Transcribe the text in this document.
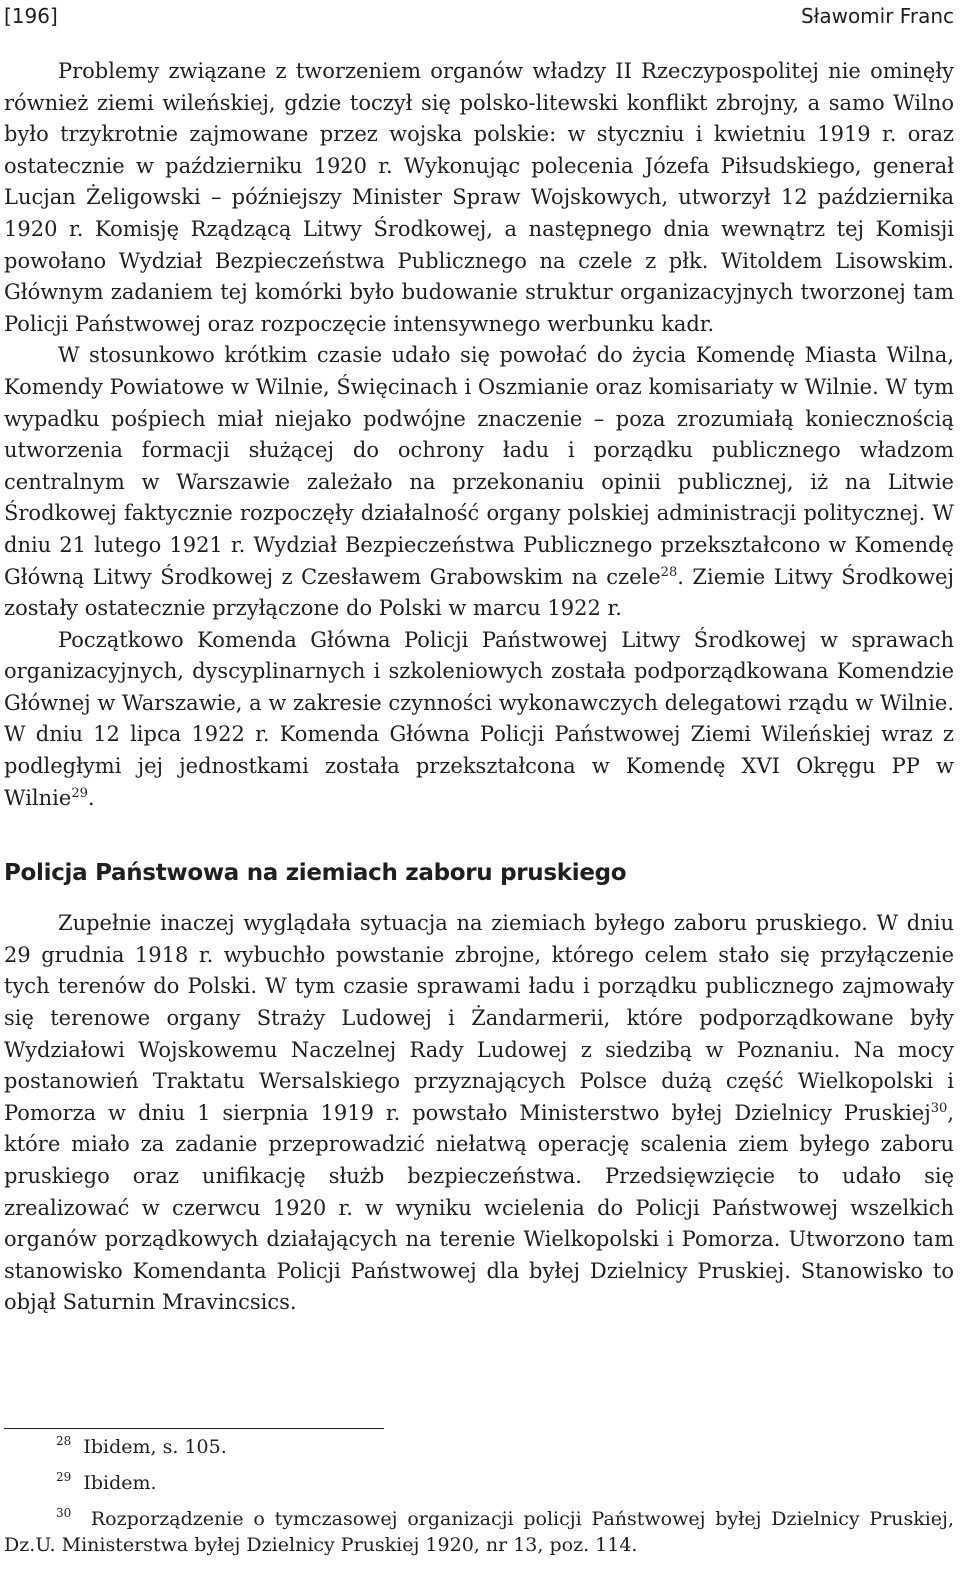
[196]	Sławomir Franc

Problemy związane z tworzeniem organów władzy II Rzeczypospolitej nie ominęły również ziemi wileńskiej, gdzie toczył się polsko-litewski konflikt zbrojny, a samo Wilno było trzykrotnie zajmowane przez wojska polskie: w styczniu i kwietniu 1919 r. oraz ostatecznie w październiku 1920 r. Wykonując polecenia Józefa Piłsudskiego, generał Lucjan Żeligowski – późniejszy Minister Spraw Wojskowych, utworzył 12 października 1920 r. Komisję Rządzącą Litwy Środkowej, a następnego dnia wewnątrz tej Komisji powołano Wydział Bezpieczeństwa Publicznego na czele z płk. Witoldem Lisowskim. Głównym zadaniem tej komórki było budowanie struktur organizacyjnych tworzonej tam Policji Państwowej oraz rozpoczęcie intensywnego werbunku kadr.

W stosunkowo krótkim czasie udało się powołać do życia Komendę Miasta Wilna, Komendy Powiatowe w Wilnie, Święcinach i Oszmianie oraz komisariaty w Wilnie. W tym wypadku pośpiech miał niejako podwójne znaczenie – poza zrozumiałą koniecznością utworzenia formacji służącej do ochrony ładu i porządku publicznego władzom centralnym w Warszawie zależało na przekonaniu opinii publicznej, iż na Litwie Środkowej faktycznie rozpoczęły działalność organy polskiej administracji politycznej. W dniu 21 lutego 1921 r. Wydział Bezpieczeństwa Publicznego przekształcono w Komendę Główną Litwy Środkowej z Czesławem Grabowskim na czele$^{28}$. Ziemie Litwy Środkowej zostały ostatecznie przyłączone do Polski w marcu 1922 r.

Początkowo Komenda Główna Policji Państwowej Litwy Środkowej w sprawach organizacyjnych, dyscyplinarnych i szkoleniowych została podporządkowana Komendzie Głównej w Warszawie, a w zakresie czynności wykonawczych delegatowi rządu w Wilnie. W dniu 12 lipca 1922 r. Komenda Główna Policji Państwowej Ziemi Wileńskiej wraz z podległymi jej jednostkami została przekształcona w Komendę XVI Okręgu PP w Wilnie$^{29}$.

Policja Państwowa na ziemiach zaboru pruskiego

Zupełnie inaczej wyglądała sytuacja na ziemiach byłego zaboru pruskiego. W dniu 29 grudnia 1918 r. wybuchło powstanie zbrojne, którego celem stało się przyłączenie tych terenów do Polski. W tym czasie sprawami ładu i porządku publicznego zajmowały się terenowe organy Straży Ludowej i Żandarmerii, które podporządkowane były Wydziałowi Wojskowemu Naczelnej Rady Ludowej z siedzibą w Poznaniu. Na mocy postanowień Traktatu Wersalskiego przyznających Polsce dużą część Wielkopolski i Pomorza w dniu 1 sierpnia 1919 r. powstało Ministerstwo byłej Dzielnicy Pruskiej$^{30}$, które miało za zadanie przeprowadzić niełatwą operację scalenia ziem byłego zaboru pruskiego oraz unifikację służb bezpieczeństwa. Przedsięwzięcie to udało się zrealizować w czerwcu 1920 r. w wyniku wcielenia do Policji Państwowej wszelkich organów porządkowych działających na terenie Wielkopolski i Pomorza. Utworzono tam stanowisko Komendanta Policji Państwowej dla byłej Dzielnicy Pruskiej. Stanowisko to objął Saturnin Mravincsics.

$^{28}$ Ibidem, s. 105.

$^{29}$ Ibidem.

$^{30}$ Rozporządzenie o tymczasowej organizacji policji Państwowej byłej Dzielnicy Pruskiej, Dz.U. Ministerstwa byłej Dzielnicy Pruskiej 1920, nr 13, poz. 114.
